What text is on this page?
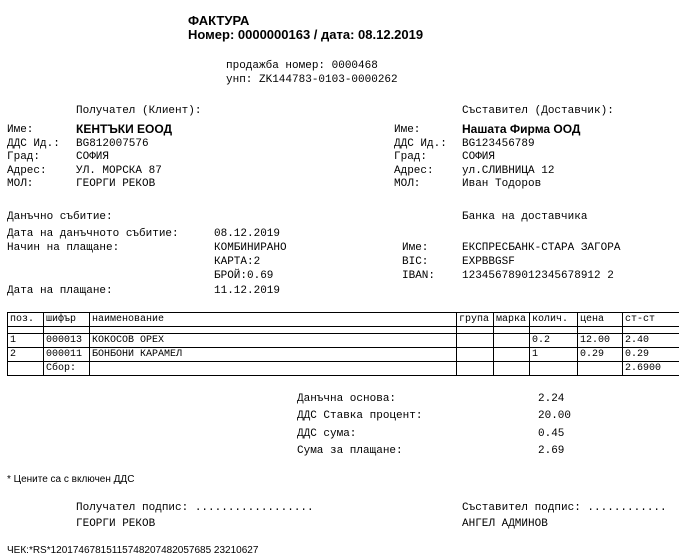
ФАКТУРА
Номер: 0000000163 / дата: 08.12.2019
продажба номер: 0000468
унп: ZK144783-0103-0000262
Получател (Клиент):
Име:	КЕНТЪКИ ЕООД
ДДС Ид.: BG812007576
Град:	СОФИЯ
Адрес:	УЛ. МОРСКА 87
МОЛ:	ГЕОРГИ РЕКОВ
Съставител (Доставчик):
Име:	Нашата Фирма ООД
ДДС Ид.: BG123456789
Град:	СОФИЯ
Адрес:	ул.СЛИВНИЦА 12
МОЛ:	Иван Тодоров
Данъчно събитие:
Дата на данъчното събитие:	08.12.2019
Начин на плащане:	КОМБИНИРАНО
КАРТА:2
БРОЙ:0.69
Дата на плащане:	11.12.2019
Банка на доставчика
Име:	ЕКСПРЕСБАНК-СТАРА ЗАГОРА
BIC:	EXPBBGSF
IBAN: 123456789012345678912 2
поз.	шифър	наименование	група	марка	колич.	цена	ст-ст

1	000013	КОКОСОВ ОРЕХ			0.2	12.00	2.40
2	000011	БОНБОНИ КАРАМЕЛ			1	0.29	0.29
	Сбор:						2.6900
Данъчна основа:	2.24
ДДС Ставка процент:	20.00
ДДС сума:	0.45
Сума за плащане:	2.69
* Цените са с включен ДДС
Получател подпис: ..................
ГЕОРГИ РЕКОВ
Съставител подпис: ............
АНГЕЛ АДМИНОВ
ЧЕК:*RS*12017467815115748207482057685 23210627
